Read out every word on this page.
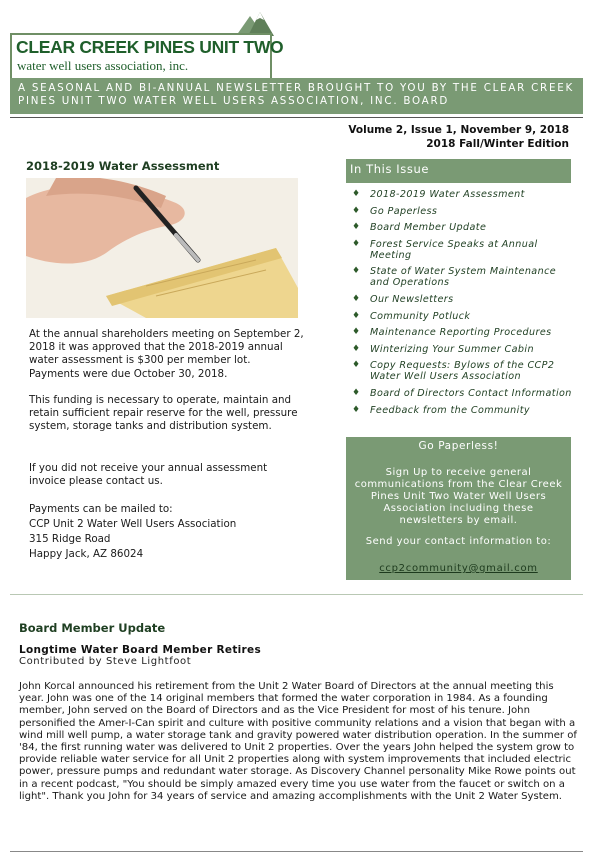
CLEAR CREEK PINES UNIT TWO
water well users association, inc.
A SEASONAL AND BI-ANNUAL NEWSLETTER BROUGHT TO YOU BY THE CLEAR CREEK PINES UNIT TWO WATER WELL USERS ASSOCIATION, INC. BOARD
Volume 2, Issue 1, November 9, 2018
2018 Fall/Winter Edition
2018-2019 Water Assessment
At the annual shareholders meeting on September 2, 2018 it was approved that the 2018-2019 annual water assessment is $300 per member lot. Payments were due October 30, 2018.
This funding is necessary to operate, maintain and retain sufficient repair reserve for the well, pressure system, storage tanks and distribution system.
If you did not receive your annual assessment invoice please contact us.
Payments can be mailed to:
CCP Unit 2 Water Well Users Association
315 Ridge Road
Happy Jack, AZ 86024
In This Issue
♦ 2018-2019 Water Assessment
♦ Go Paperless
♦ Board Member Update
♦ Forest Service Speaks at Annual Meeting
♦ State of Water System Maintenance and Operations
♦ Our Newsletters
♦ Community Potluck
♦ Maintenance Reporting Procedures
♦ Winterizing Your Summer Cabin
♦ Copy Requests: Bylows of the CCP2 Water Well Users Association
♦ Board of Directors Contact Information
♦ Feedback from the Community
Go Paperless!
Sign Up to receive general communications from the Clear Creek Pines Unit Two Water Well Users Association including these newsletters by email.
Send your contact information to:
ccp2community@gmail.com
Board Member Update
Longtime Water Board Member Retires
Contributed by Steve Lightfoot
John Korcal announced his retirement from the Unit 2 Water Board of Directors at the annual meeting this year. John was one of the 14 original members that formed the water corporation in 1984. As a founding member, John served on the Board of Directors and as the Vice President for most of his tenure. John personified the Amer-I-Can spirit and culture with positive community relations and a vision that began with a wind mill well pump, a water storage tank and gravity powered water distribution operation. In the summer of '84, the first running water was delivered to Unit 2 properties. Over the years John helped the system grow to provide reliable water service for all Unit 2 properties along with system improvements that included electric power, pressure pumps and redundant water storage. As Discovery Channel personality Mike Rowe points out in a recent podcast, "You should be simply amazed every time you use water from the faucet or switch on a light". Thank you John for 34 years of service and amazing accomplishments with the Unit 2 Water System.
